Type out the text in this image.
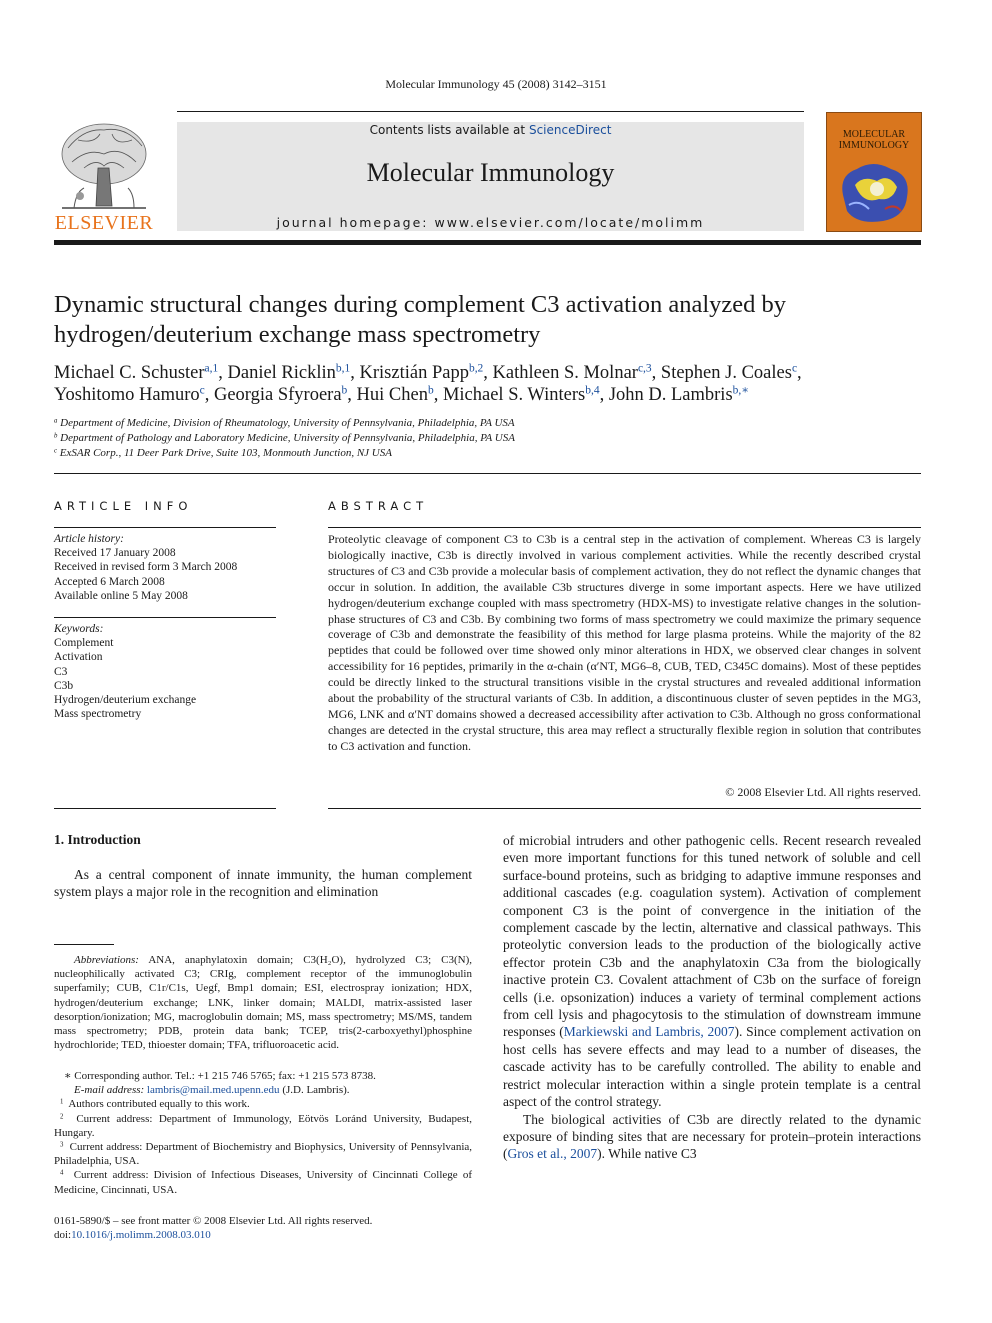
Molecular Immunology 45 (2008) 3142–3151
ELSEVIER
Contents lists available at ScienceDirect
Molecular Immunology
journal homepage: www.elsevier.com/locate/molimm
MOLECULAR
IMMUNOLOGY
Dynamic structural changes during complement C3 activation analyzed by
hydrogen/deuterium exchange mass spectrometry
Michael C. Schuster$^{a,1}$, Daniel Ricklin$^{b,1}$, Krisztián Papp$^{b,2}$, Kathleen S. Molnar$^{c,3}$, Stephen J. Coales$^c$,
Yoshitomo Hamuro$^c$, Georgia Sfyroera$^b$, Hui Chen$^b$, Michael S. Winters$^{b,4}$, John D. Lambris$^{b,∗}$
$^a$ Department of Medicine, Division of Rheumatology, University of Pennsylvania, Philadelphia, PA USA
$^b$ Department of Pathology and Laboratory Medicine, University of Pennsylvania, Philadelphia, PA USA
$^c$ ExSAR Corp., 11 Deer Park Drive, Suite 103, Monmouth Junction, NJ USA
ARTICLE INFO
Article history:
Received 17 January 2008
Received in revised form 3 March 2008
Accepted 6 March 2008
Available online 5 May 2008
Keywords:
Complement
Activation
C3
C3b
Hydrogen/deuterium exchange
Mass spectrometry
ABSTRACT
Proteolytic cleavage of component C3 to C3b is a central step in the activation of complement. Whereas C3 is largely biologically inactive, C3b is directly involved in various complement activities. While the recently described crystal structures of C3 and C3b provide a molecular basis of complement activation, they do not reflect the dynamic changes that occur in solution. In addition, the available C3b structures diverge in some important aspects. Here we have utilized hydrogen/deuterium exchange coupled with mass spectrometry (HDX-MS) to investigate relative changes in the solution-phase structures of C3 and C3b. By combining two forms of mass spectrometry we could maximize the primary sequence coverage of C3b and demonstrate the feasibility of this method for large plasma proteins. While the majority of the 82 peptides that could be followed over time showed only minor alterations in HDX, we observed clear changes in solvent accessibility for 16 peptides, primarily in the α-chain (α′NT, MG6–8, CUB, TED, C345C domains). Most of these peptides could be directly linked to the structural transitions visible in the crystal structures and revealed additional information about the probability of the structural variants of C3b. In addition, a discontinuous cluster of seven peptides in the MG3, MG6, LNK and α′NT domains showed a decreased accessibility after activation to C3b. Although no gross conformational changes are detected in the crystal structure, this area may reflect a structurally flexible region in solution that contributes to C3 activation and function.
© 2008 Elsevier Ltd. All rights reserved.
1. Introduction
As a central component of innate immunity, the human complement system plays a major role in the recognition and elimination
Abbreviations: ANA, anaphylatoxin domain; C3(H₂O), hydrolyzed C3; C3(N), nucleophilically activated C3; CRIg, complement receptor of the immunoglobulin superfamily; CUB, C1r/C1s, Uegf, Bmp1 domain; ESI, electrospray ionization; HDX, hydrogen/deuterium exchange; LNK, linker domain; MALDI, matrix-assisted laser desorption/ionization; MG, macroglobulin domain; MS, mass spectrometry; MS/MS, tandem mass spectrometry; PDB, protein data bank; TCEP, tris(2-carboxyethyl)phosphine hydrochloride; TED, thioester domain; TFA, trifluoroacetic acid.
∗ Corresponding author. Tel.: +1 215 746 5765; fax: +1 215 573 8738.
E-mail address: lambris@mail.med.upenn.edu (J.D. Lambris).
$^1$ Authors contributed equally to this work.
$^2$ Current address: Department of Immunology, Eötvös Loránd University, Budapest, Hungary.
$^3$ Current address: Department of Biochemistry and Biophysics, University of Pennsylvania, Philadelphia, USA.
$^4$ Current address: Division of Infectious Diseases, University of Cincinnati College of Medicine, Cincinnati, USA.
0161-5890/$ – see front matter © 2008 Elsevier Ltd. All rights reserved.
doi:10.1016/j.molimm.2008.03.010
of microbial intruders and other pathogenic cells. Recent research revealed even more important functions for this tuned network of soluble and cell surface-bound proteins, such as bridging to adaptive immune responses and additional cascades (e.g. coagulation system). Activation of complement component C3 is the point of convergence in the initiation of the complement cascade by the lectin, alternative and classical pathways. This proteolytic conversion leads to the production of the biologically active effector protein C3b and the anaphylatoxin C3a from the biologically inactive protein C3. Covalent attachment of C3b on the surface of foreign cells (i.e. opsonization) induces a variety of terminal complement actions from cell lysis and phagocytosis to the stimulation of downstream immune responses (Markiewski and Lambris, 2007). Since complement activation on host cells has severe effects and may lead to a number of diseases, the cascade activity has to be carefully controlled. The ability to enable and restrict molecular interaction within a single protein template is a central aspect of the control strategy.
The biological activities of C3b are directly related to the dynamic exposure of binding sites that are necessary for protein–protein interactions (Gros et al., 2007). While native C3
